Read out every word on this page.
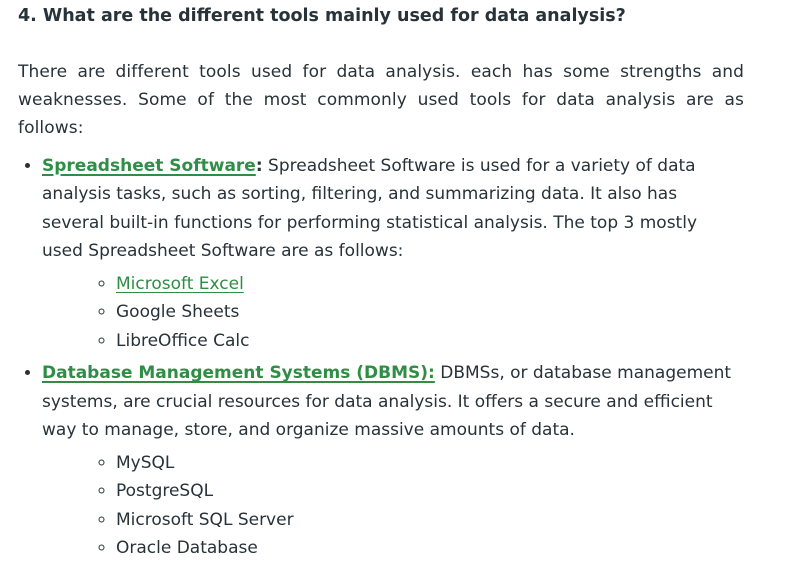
4. What are the different tools mainly used for data analysis?

There are different tools used for data analysis. each has some strengths and weaknesses. Some of the most commonly used tools for data analysis are as follows:

• Spreadsheet Software: Spreadsheet Software is used for a variety of data analysis tasks, such as sorting, filtering, and summarizing data. It also has several built-in functions for performing statistical analysis. The top 3 mostly used Spreadsheet Software are as follows:
◦ Microsoft Excel
◦ Google Sheets
◦ LibreOffice Calc
• Database Management Systems (DBMS): DBMSs, or database management systems, are crucial resources for data analysis. It offers a secure and efficient way to manage, store, and organize massive amounts of data.
◦ MySQL
◦ PostgreSQL
◦ Microsoft SQL Server
◦ Oracle Database
